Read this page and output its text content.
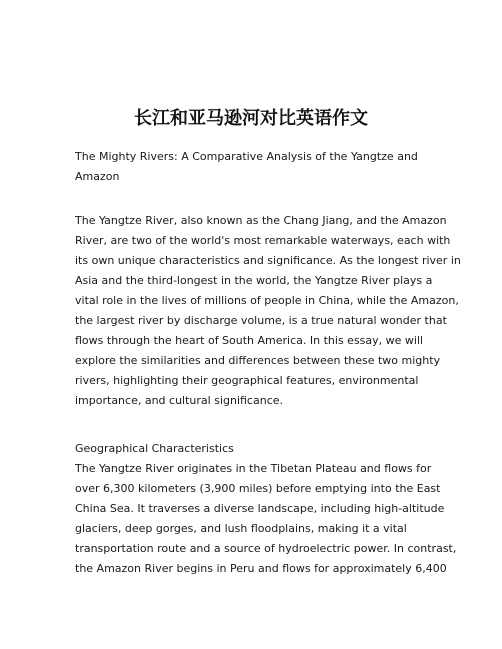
长江和亚马逊河对比英语作文
The Mighty Rivers: A Comparative Analysis of the Yangtze and
Amazon
The Yangtze River, also known as the Chang Jiang, and the Amazon
River, are two of the world's most remarkable waterways, each with
its own unique characteristics and significance. As the longest river in
Asia and the third-longest in the world, the Yangtze River plays a
vital role in the lives of millions of people in China, while the Amazon,
the largest river by discharge volume, is a true natural wonder that
flows through the heart of South America. In this essay, we will
explore the similarities and differences between these two mighty
rivers, highlighting their geographical features, environmental
importance, and cultural significance.
Geographical Characteristics
The Yangtze River originates in the Tibetan Plateau and flows for
over 6,300 kilometers (3,900 miles) before emptying into the East
China Sea. It traverses a diverse landscape, including high-altitude
glaciers, deep gorges, and lush floodplains, making it a vital
transportation route and a source of hydroelectric power. In contrast,
the Amazon River begins in Peru and flows for approximately 6,400
